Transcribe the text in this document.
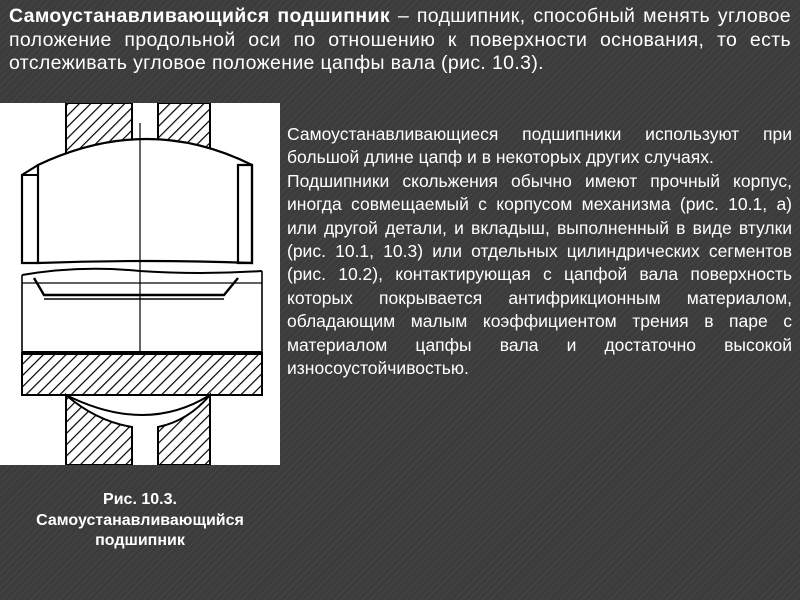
Самоустанавливающийся подшипник – подшипник, способный менять угловое положение продольной оси по отношению к поверхности основания, то есть отслеживать угловое положение цапфы вала (рис. 10.3).

Рис. 10.3.
Самоустанавливающийся
подшипник

Самоустанавливающиеся подшипники используют при большой длине цапф и в некоторых других случаях.

Подшипники скольжения обычно имеют прочный корпус, иногда совмещаемый с корпусом механизма (рис. 10.1, а) или другой детали, и вкладыш, выполненный в виде втулки (рис. 10.1, 10.3) или отдельных цилиндрических сегментов (рис. 10.2), контактирующая с цапфой вала поверхность которых покрывается антифрикционным материалом, обладающим малым коэффициентом трения в паре с материалом цапфы вала и достаточно высокой износоустойчивостью.
